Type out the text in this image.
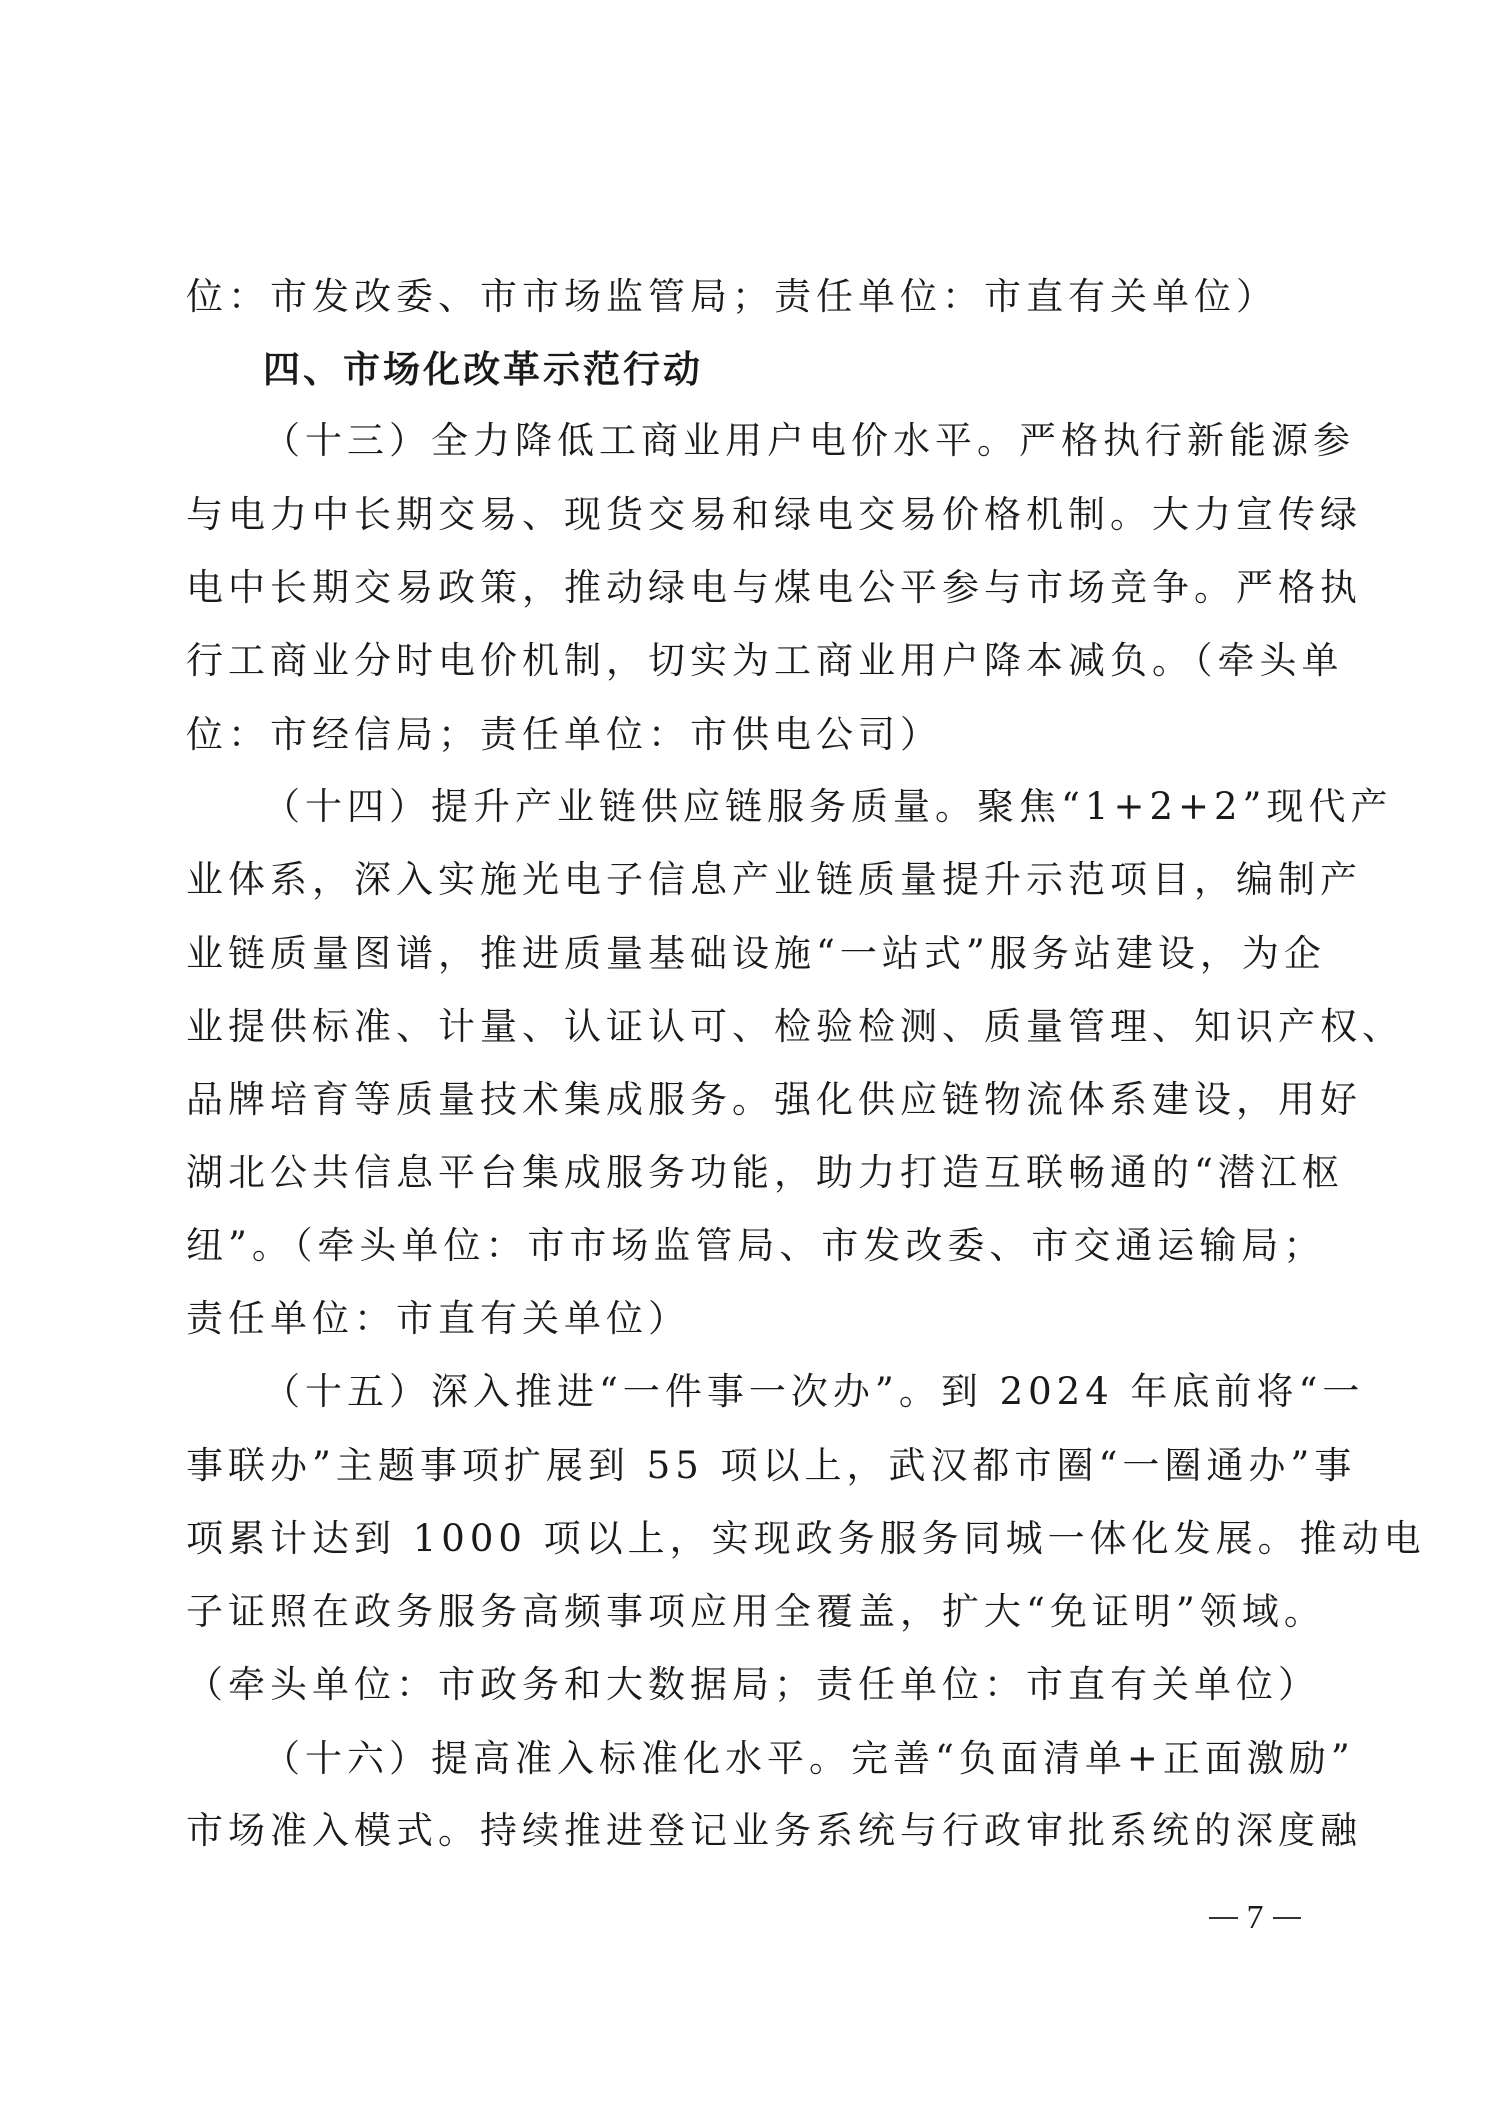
位：市发改委、市市场监管局；责任单位：市直有关单位）
四、市场化改革示范行动
（十三）全力降低工商业用户电价水平。严格执行新能源参
与电力中长期交易、现货交易和绿电交易价格机制。大力宣传绿
电中长期交易政策，推动绿电与煤电公平参与市场竞争。严格执
行工商业分时电价机制，切实为工商业用户降本减负。（牵头单
位：市经信局；责任单位：市供电公司）
（十四）提升产业链供应链服务质量。聚焦“1+2+2”现代产
业体系，深入实施光电子信息产业链质量提升示范项目，编制产
业链质量图谱，推进质量基础设施“一站式”服务站建设，为企
业提供标准、计量、认证认可、检验检测、质量管理、知识产权、
品牌培育等质量技术集成服务。强化供应链物流体系建设，用好
湖北公共信息平台集成服务功能，助力打造互联畅通的“潜江枢
纽”。（牵头单位：市市场监管局、市发改委、市交通运输局；
责任单位：市直有关单位）
（十五）深入推进“一件事一次办”。到 2024 年底前将“一
事联办”主题事项扩展到 55 项以上，武汉都市圈“一圈通办”事
项累计达到 1000 项以上，实现政务服务同城一体化发展。推动电
子证照在政务服务高频事项应用全覆盖，扩大“免证明”领域。
（牵头单位：市政务和大数据局；责任单位：市直有关单位）
（十六）提高准入标准化水平。完善“负面清单+正面激励”
市场准入模式。持续推进登记业务系统与行政审批系统的深度融
7
